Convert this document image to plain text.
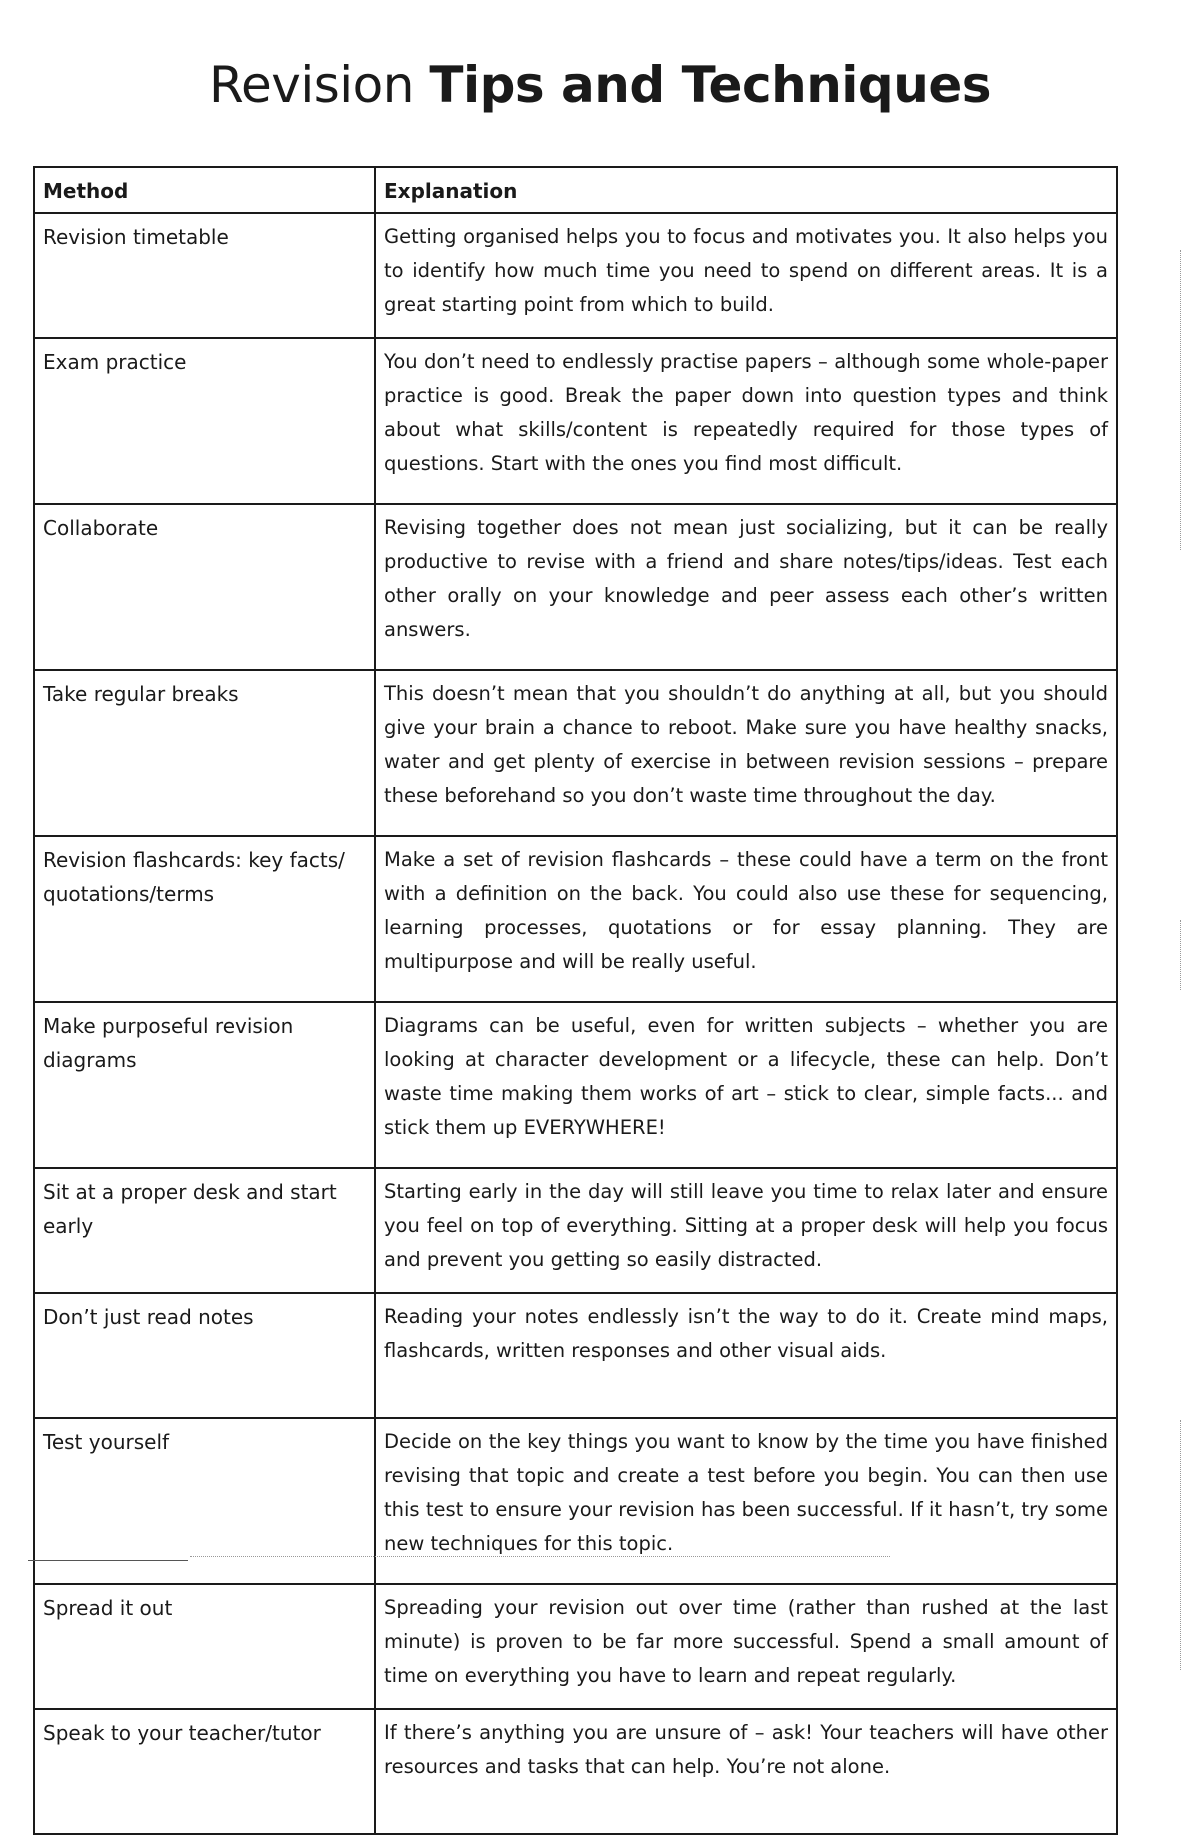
Revision Tips and Techniques
Method	Explanation
Revision timetable	Getting organised helps you to focus and motivates you. It also helps you to identify how much time you need to spend on different areas. It is a great starting point from which to build.
Exam practice	You don’t need to endlessly practise papers – although some whole-paper practice is good. Break the paper down into question types and think about what skills/content is repeatedly required for those types of questions. Start with the ones you find most difficult.
Collaborate	Revising together does not mean just socializing, but it can be really productive to revise with a friend and share notes/tips/ideas. Test each other orally on your knowledge and peer assess each other’s written answers.
Take regular breaks	This doesn’t mean that you shouldn’t do anything at all, but you should give your brain a chance to reboot. Make sure you have healthy snacks, water and get plenty of exercise in between revision sessions – prepare these beforehand so you don’t waste time throughout the day.
Revision flashcards: key facts/ quotations/terms	Make a set of revision flashcards – these could have a term on the front with a definition on the back. You could also use these for sequencing, learning processes, quotations or for essay planning. They are multipurpose and will be really useful.
Make purposeful revision diagrams	Diagrams can be useful, even for written subjects – whether you are looking at character development or a lifecycle, these can help. Don’t waste time making them works of art – stick to clear, simple facts... and stick them up EVERYWHERE!
Sit at a proper desk and start early	Starting early in the day will still leave you time to relax later and ensure you feel on top of everything. Sitting at a proper desk will help you focus and prevent you getting so easily distracted.
Don’t just read notes	Reading your notes endlessly isn’t the way to do it. Create mind maps, flashcards, written responses and other visual aids.
Test yourself	Decide on the key things you want to know by the time you have finished revising that topic and create a test before you begin. You can then use this test to ensure your revision has been successful. If it hasn’t, try some new techniques for this topic.
Spread it out	Spreading your revision out over time (rather than rushed at the last minute) is proven to be far more successful. Spend a small amount of time on everything you have to learn and repeat regularly.
Speak to your teacher/tutor	If there’s anything you are unsure of – ask! Your teachers will have other resources and tasks that can help. You’re not alone.
